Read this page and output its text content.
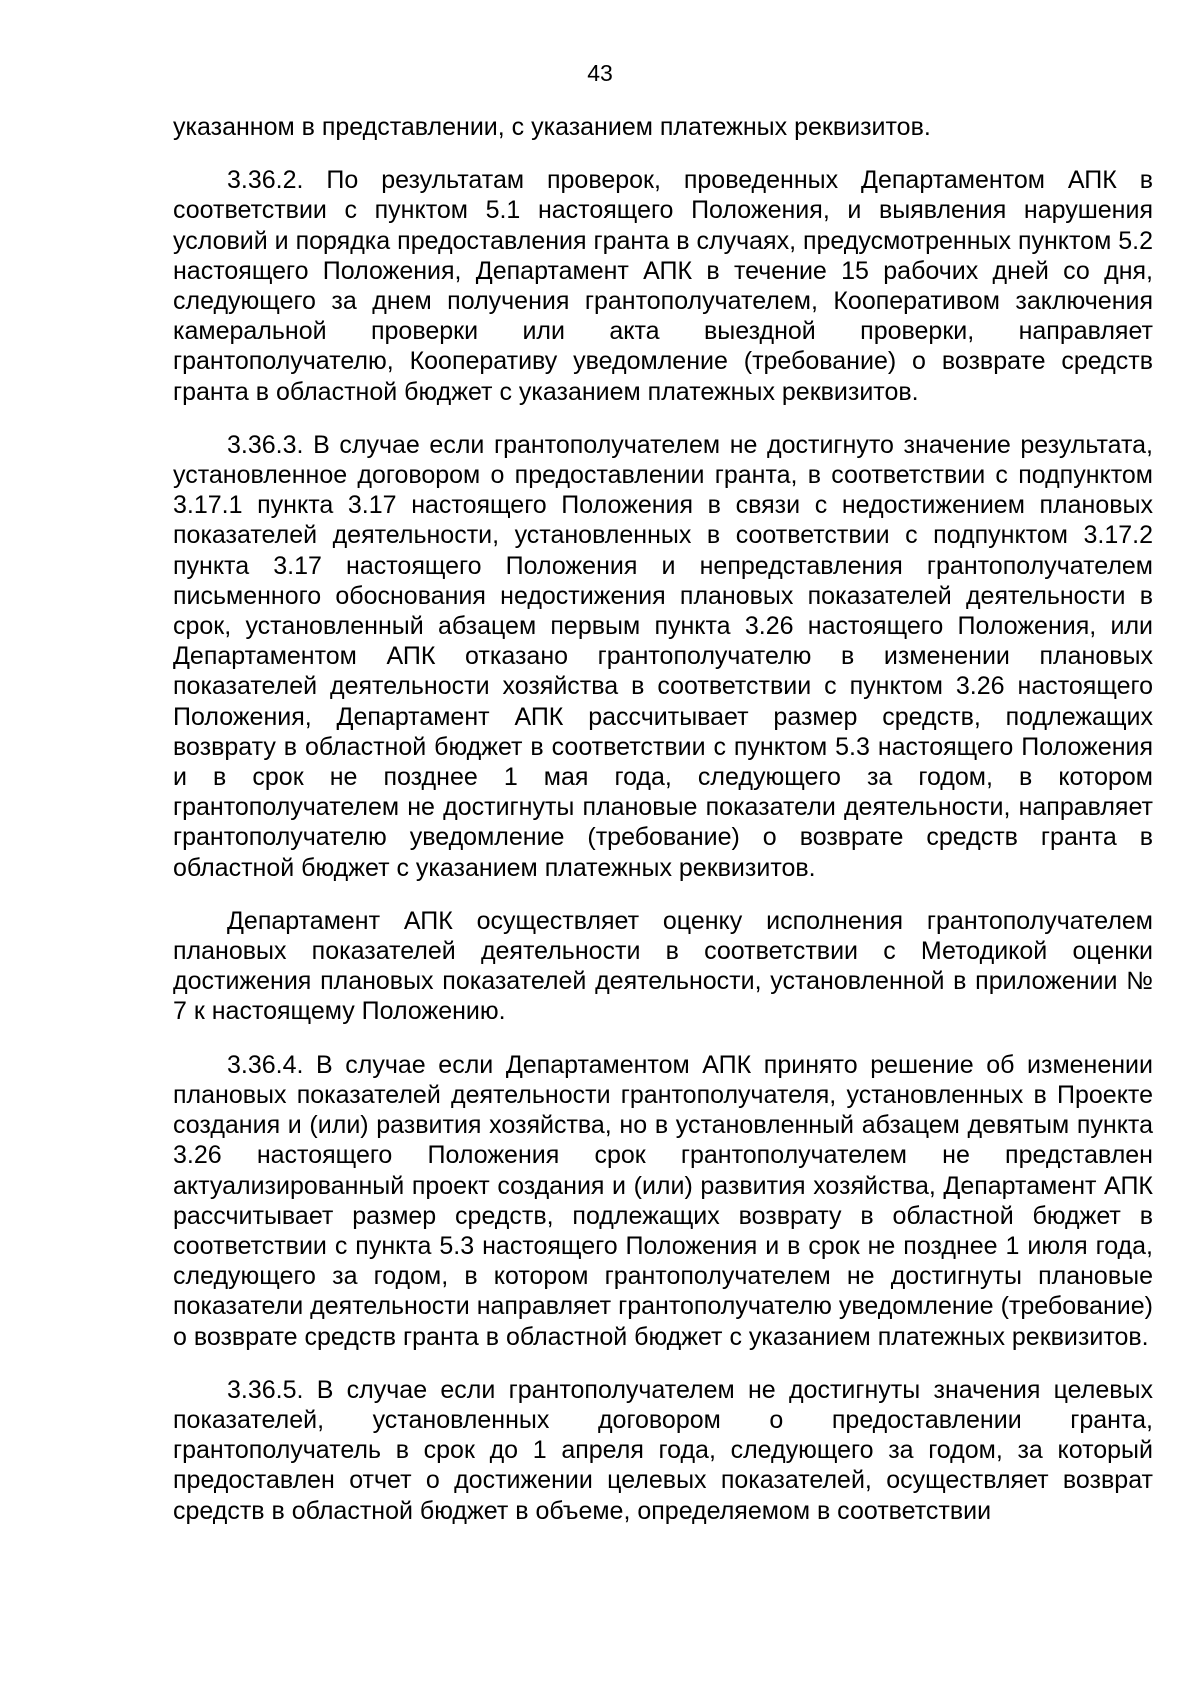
43

указанном в представлении, с указанием платежных реквизитов.

3.36.2. По результатам проверок, проведенных Департаментом АПК в соответствии с пунктом 5.1 настоящего Положения, и выявления нарушения условий и порядка предоставления гранта в случаях, предусмотренных пунктом 5.2 настоящего Положения, Департамент АПК в течение 15 рабочих дней со дня, следующего за днем получения грантополучателем, Кооперативом заключения камеральной проверки или акта выездной проверки, направляет грантополучателю, Кооперативу уведомление (требование) о возврате средств гранта в областной бюджет с указанием платежных реквизитов.

3.36.3. В случае если грантополучателем не достигнуто значение результата, установленное договором о предоставлении гранта, в соответствии с подпунктом 3.17.1 пункта 3.17 настоящего Положения в связи с недостижением плановых показателей деятельности, установленных в соответствии с подпунктом 3.17.2 пункта 3.17 настоящего Положения и непредставления грантополучателем письменного обоснования недостижения плановых показателей деятельности в срок, установленный абзацем первым пункта 3.26 настоящего Положения, или Департаментом АПК отказано грантополучателю в изменении плановых показателей деятельности хозяйства в соответствии с пунктом 3.26 настоящего Положения, Департамент АПК рассчитывает размер средств, подлежащих возврату в областной бюджет в соответствии с пунктом 5.3 настоящего Положения и в срок не позднее 1 мая года, следующего за годом, в котором грантополучателем не достигнуты плановые показатели деятельности, направляет грантополучателю уведомление (требование) о возврате средств гранта в областной бюджет с указанием платежных реквизитов.

Департамент АПК осуществляет оценку исполнения грантополучателем плановых показателей деятельности в соответствии с Методикой оценки достижения плановых показателей деятельности, установленной в приложении № 7 к настоящему Положению.

3.36.4. В случае если Департаментом АПК принято решение об изменении плановых показателей деятельности грантополучателя, установленных в Проекте создания и (или) развития хозяйства, но в установленный абзацем девятым пункта 3.26 настоящего Положения срок грантополучателем не представлен актуализированный проект создания и (или) развития хозяйства, Департамент АПК рассчитывает размер средств, подлежащих возврату в областной бюджет в соответствии с пункта 5.3 настоящего Положения и в срок не позднее 1 июля года, следующего за годом, в котором грантополучателем не достигнуты плановые показатели деятельности направляет грантополучателю уведомление (требование) о возврате средств гранта в областной бюджет с указанием платежных реквизитов.

3.36.5. В случае если грантополучателем не достигнуты значения целевых показателей, установленных договором о предоставлении гранта, грантополучатель в срок до 1 апреля года, следующего за годом, за который предоставлен отчет о достижении целевых показателей, осуществляет возврат средств в областной бюджет в объеме, определяемом в соответствии
